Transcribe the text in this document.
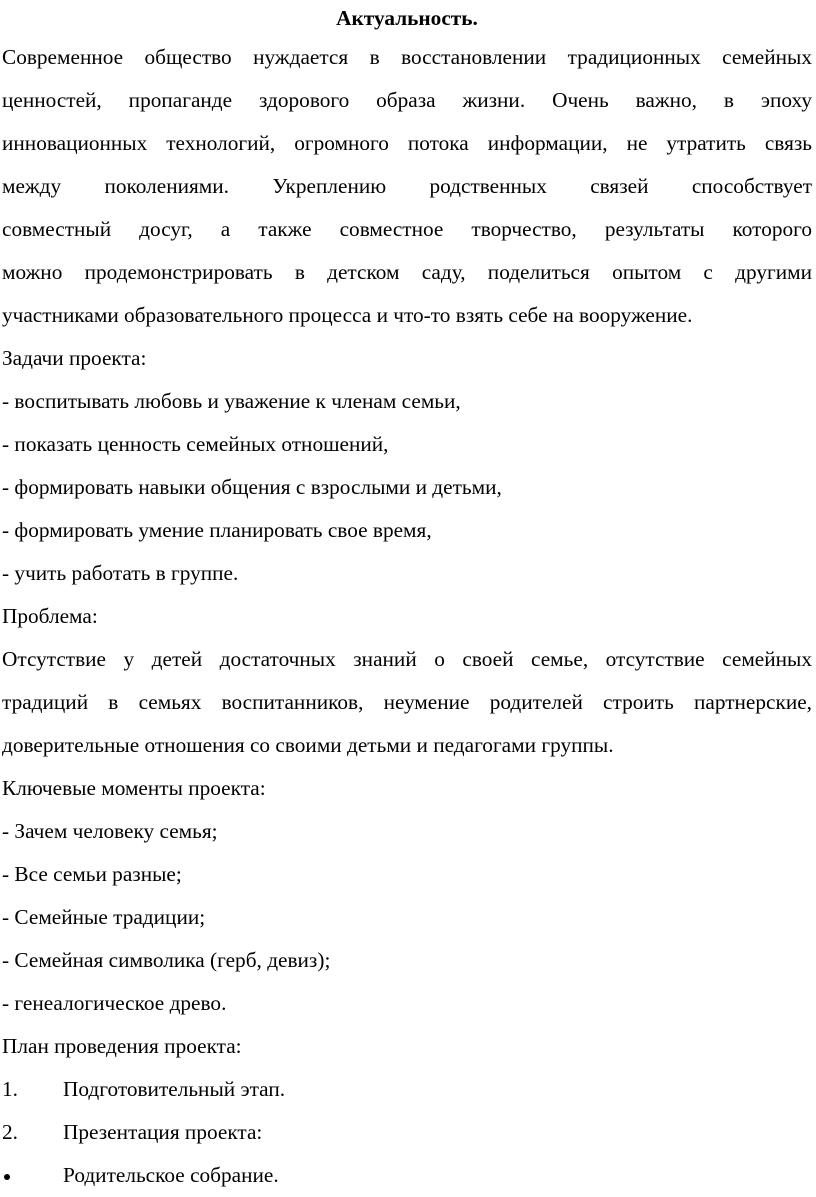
Актуальность.
Современное общество нуждается в восстановлении традиционных семейных
ценностей, пропаганде здорового образа жизни. Очень важно, в эпоху
инновационных технологий, огромного потока информации, не утратить связь
между поколениями. Укреплению родственных связей способствует
совместный досуг, а также совместное творчество, результаты которого
можно продемонстрировать в детском саду, поделиться опытом с другими
участниками образовательного процесса и что-то взять себе на вооружение.
Задачи проекта:
- воспитывать любовь и уважение к членам семьи,
- показать ценность семейных отношений,
- формировать навыки общения с взрослыми и детьми,
- формировать умение планировать свое время,
- учить работать в группе.
Проблема:
Отсутствие у детей достаточных знаний о своей семье, отсутствие семейных
традиций в семьях воспитанников, неумение родителей строить партнерские,
доверительные отношения со своими детьми и педагогами группы.
Ключевые моменты проекта:
- Зачем человеку семья;
- Все семьи разные;
- Семейные традиции;
- Семейная символика (герб, девиз);
- генеалогическое древо.
План проведения проекта:
1.	Подготовительный этап.
2.	Презентация проекта:
Родительское собрание.
